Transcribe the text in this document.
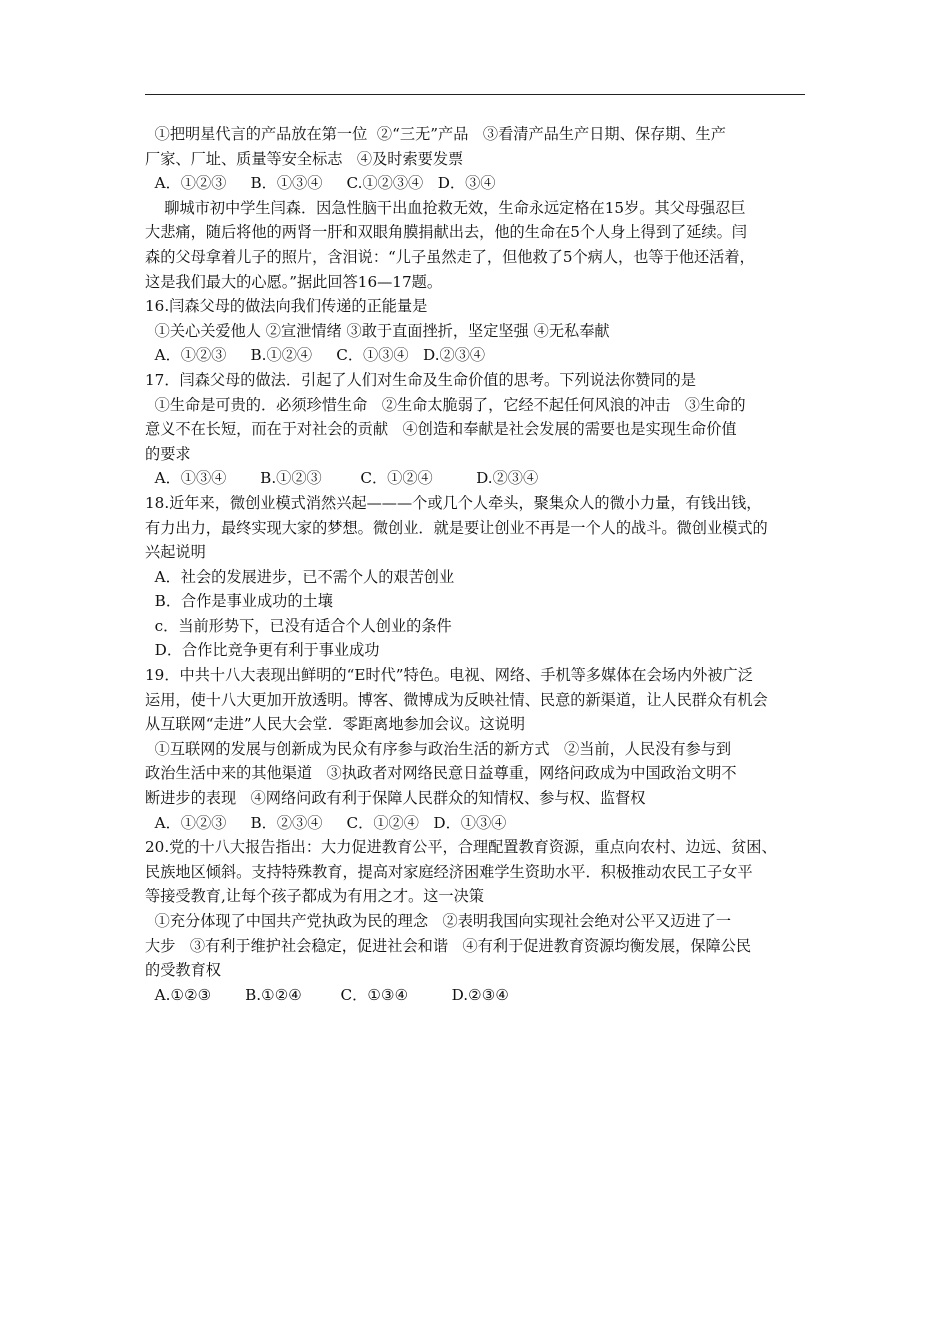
①把明星代言的产品放在第一位  ②“三无”产品   ③看清产品生产日期、保存期、生产
厂家、厂址、质量等安全标志   ④及时索要发票
A．①②③     B．①③④     C.①②③④   D．③④
聊城市初中学生闫森．因急性脑干出血抢救无效，生命永远定格在15岁。其父母强忍巨
大悲痛，随后将他的两肾一肝和双眼角膜捐献出去，他的生命在5个人身上得到了延续。闫
森的父母拿着儿子的照片，含泪说：“儿子虽然走了，但他救了5个病人，也等于他还活着，
这是我们最大的心愿。”据此回答16—17题。
16.闫森父母的做法向我们传递的正能量是
①关心关爱他人 ②宣泄情绪 ③敢于直面挫折，坚定坚强 ④无私奉献
A．①②③     B.①②④     C．①③④   D.②③④
17．闫森父母的做法．引起了人们对生命及生命价值的思考。下列说法你赞同的是
①生命是可贵的．必须珍惜生命   ②生命太脆弱了，它经不起任何风浪的冲击   ③生命的
意义不在长短，而在于对社会的贡献   ④创造和奉献是社会发展的需要也是实现生命价值
的要求
A．①③④       B.①②③        C．①②④         D.②③④
18.近年来，微创业模式消然兴起———个或几个人牵头，聚集众人的微小力量，有钱出钱，
有力出力，最终实现大家的梦想。微创业．就是要让创业不再是一个人的战斗。微创业模式的
兴起说明
A．社会的发展进步，已不需个人的艰苦创业
B．合作是事业成功的土壤
c．当前形势下，已没有适合个人创业的条件
D．合作比竞争更有利于事业成功
19．中共十八大表现出鲜明的“E时代”特色。电视、网络、手机等多媒体在会场内外被广泛
运用，使十八大更加开放透明。博客、微博成为反映社情、民意的新渠道，让人民群众有机会
从互联网“走进”人民大会堂．零距离地参加会议。这说明
①互联网的发展与创新成为民众有序参与政治生活的新方式   ②当前，人民没有参与到
政治生活中来的其他渠道   ③执政者对网络民意日益尊重，网络问政成为中国政治文明不
断进步的表现   ④网络问政有利于保障人民群众的知情权、参与权、监督权
A．①②③     B．②③④     C．①②④   D．①③④
20.党的十八大报告指出：大力促进教育公平，合理配置教育资源，重点向农村、边远、贫困、
民族地区倾斜。支持特殊教育，提高对家庭经济困难学生资助水平．积极推动农民工子女平
等接受教育,让每个孩子都成为有用之才。这一决策
①充分体现了中国共产党执政为民的理念   ②表明我国向实现社会绝对公平又迈进了一
大步   ③有利于维护社会稳定，促进社会和谐   ④有利于促进教育资源均衡发展，保障公民
的受教育权
A.①②③       B.①②④        C．①③④         D.②③④
